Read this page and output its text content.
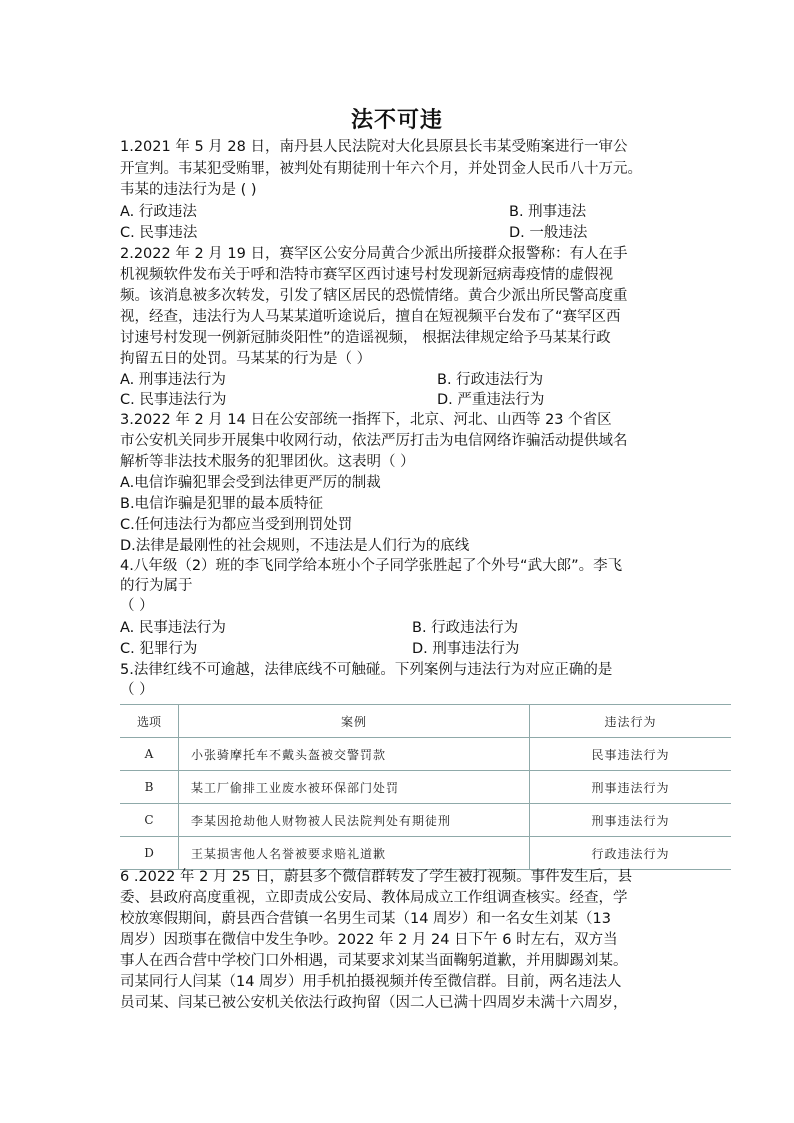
法不可违
1.2021 年 5 月 28 日，南丹县人民法院对大化县原县长韦某受贿案进行一审公
开宣判。韦某犯受贿罪，被判处有期徒刑十年六个月，并处罚金人民币八十万元。
韦某的违法行为是 ( )
A. 行政违法	B. 刑事违法
C. 民事违法	D. 一般违法
2.2022 年 2 月 19 日，赛罕区公安分局黄合少派出所接群众报警称：有人在手
机视频软件发布关于呼和浩特市赛罕区西讨速号村发现新冠病毒疫情的虚假视
频。该消息被多次转发，引发了辖区居民的恐慌情绪。黄合少派出所民警高度重
视，经查，违法行为人马某某道听途说后，擅自在短视频平台发布了“赛罕区西
讨速号村发现一例新冠肺炎阳性”的造谣视频， 根据法律规定给予马某某行政
拘留五日的处罚。马某某的行为是（ ）
A. 刑事违法行为	B. 行政违法行为
C. 民事违法行为	D. 严重违法行为
3.2022 年 2 月 14 日在公安部统一指挥下，北京、河北、山西等 23 个省区
市公安机关同步开展集中收网行动，依法严厉打击为电信网络诈骗活动提供域名
解析等非法技术服务的犯罪团伙。这表明（ ）
A.电信诈骗犯罪会受到法律更严厉的制裁
B.电信诈骗是犯罪的最本质特征
C.任何违法行为都应当受到刑罚处罚
D.法律是最刚性的社会规则，不违法是人们行为的底线
4.八年级（2）班的李飞同学给本班小个子同学张胜起了个外号“武大郎”。李飞
的行为属于
（ ）
A. 民事违法行为	B. 行政违法行为
C. 犯罪行为	D. 刑事违法行为
5.法律红线不可逾越，法律底线不可触碰。下列案例与违法行为对应正确的是
（ ）
选项	案例	违法行为
A	小张骑摩托车不戴头盔被交警罚款	民事违法行为
B	某工厂偷排工业废水被环保部门处罚	刑事违法行为
C	李某因抢劫他人财物被人民法院判处有期徒刑	刑事违法行为
D	王某损害他人名誉被要求赔礼道歉	行政违法行为
6 .2022 年 2 月 25 日，蔚县多个微信群转发了学生被打视频。事件发生后，县
委、县政府高度重视，立即责成公安局、教体局成立工作组调查核实。经查，学
校放寒假期间，蔚县西合营镇一名男生司某（14 周岁）和一名女生刘某（13
周岁）因琐事在微信中发生争吵。2022 年 2 月 24 日下午 6 时左右，双方当
事人在西合营中学校门口外相遇，司某要求刘某当面鞠躬道歉，并用脚踢刘某。
司某同行人闫某（14 周岁）用手机拍摄视频并传至微信群。目前，两名违法人
员司某、闫某已被公安机关依法行政拘留（因二人已满十四周岁未满十六周岁，
